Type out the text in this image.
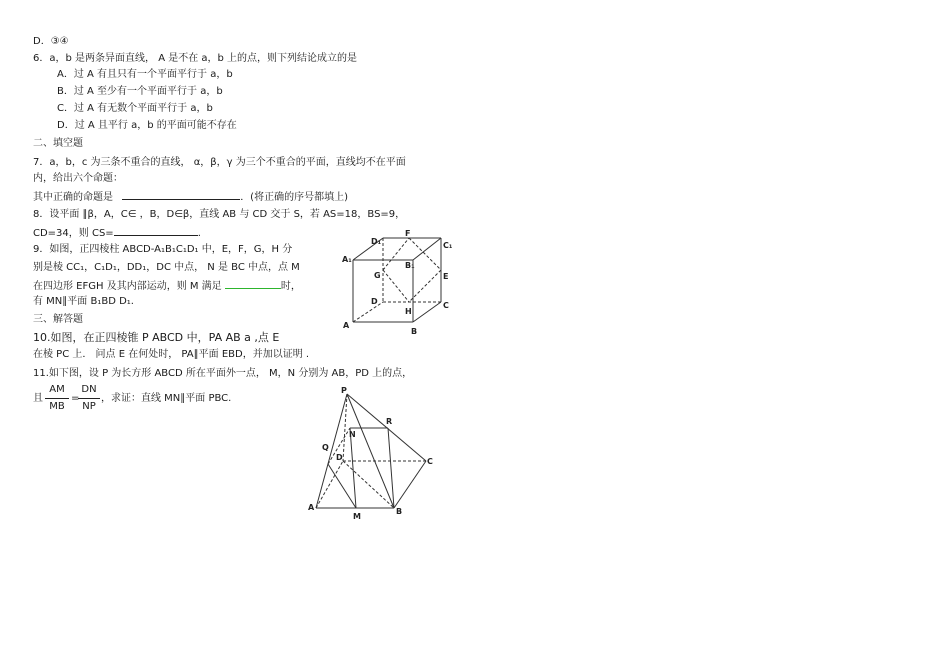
D．③④
6．a，b 是两条异面直线， A 是不在 a，b 上的点，则下列结论成立的是
A．过 A 有且只有一个平面平行于 a，b
B．过 A 至少有一个平面平行于 a，b
C．过 A 有无数个平面平行于 a，b
D．过 A 且平行 a，b 的平面可能不存在
二、填空题
7．a，b，c 为三条不重合的直线， α，β，γ 为三个不重合的平面，直线均不在平面
内，给出六个命题：
其中正确的命题是	．(将正确的序号都填上)
8．设平面 ∥β，A，C∈ ，B，D∈β，直线 AB 与 CD 交于 S，若 AS=18，BS=9，
CD=34，则 CS=	.
9．如图，正四棱柱 ABCD-A₁B₁C₁D₁ 中，E，F，G，H 分
别是棱 CC₁，C₁D₁，DD₁，DC 中点， N 是 BC 中点，点 M
在四边形 EFGH 及其内部运动，则 M 满足	时，
有 MN∥平面 B₁BD D₁.
三、解答题
10.如图，在正四棱锥 P ABCD 中，PA AB a ,点 E
在棱 PC 上． 问点 E 在何处时， PA∥平面 EBD，并加以证明 .
11.如下图，设 P 为长方形 ABCD 所在平面外一点， M，N 分别为 AB，PD 上的点，
且
AM
MB
=
DN
NP
，求证：直线 MN∥平面 PBC.
D₁
F
C₁
A₁
B₁
G	E
D	C
H
A
B
P
R
N
Q
D	C
A
M
B
